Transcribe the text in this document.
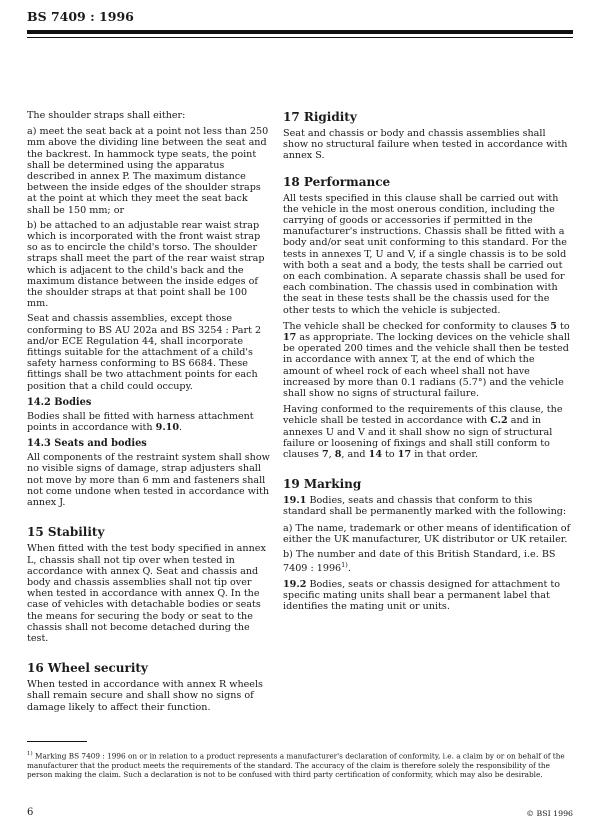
BS 7409 : 1996

The shoulder straps shall either:

a) meet the seat back at a point not less than 250 mm above the dividing line between the seat and the backrest. In hammock type seats, the point shall be determined using the apparatus described in annex P. The maximum distance between the inside edges of the shoulder straps at the point at which they meet the seat back shall be 150 mm; or

b) be attached to an adjustable rear waist strap which is incorporated with the front waist strap so as to encircle the child's torso. The shoulder straps shall meet the part of the rear waist strap which is adjacent to the child's back and the maximum distance between the inside edges of the shoulder straps at that point shall be 100 mm.

Seat and chassis assemblies, except those conforming to BS AU 202a and BS 3254 : Part 2 and/or ECE Regulation 44, shall incorporate fittings suitable for the attachment of a child's safety harness conforming to BS 6684. These fittings shall be two attachment points for each position that a child could occupy.

14.2 Bodies

Bodies shall be fitted with harness attachment points in accordance with 9.10.

14.3 Seats and bodies

All components of the restraint system shall show no visible signs of damage, strap adjusters shall not move by more than 6 mm and fasteners shall not come undone when tested in accordance with annex J.

15 Stability

When fitted with the test body specified in annex L, chassis shall not tip over when tested in accordance with annex Q. Seat and chassis and body and chassis assemblies shall not tip over when tested in accordance with annex Q. In the case of vehicles with detachable bodies or seats the means for securing the body or seat to the chassis shall not become detached during the test.

16 Wheel security

When tested in accordance with annex R wheels shall remain secure and shall show no signs of damage likely to affect their function.

17 Rigidity

Seat and chassis or body and chassis assemblies shall show no structural failure when tested in accordance with annex S.

18 Performance

All tests specified in this clause shall be carried out with the vehicle in the most onerous condition, including the carrying of goods or accessories if permitted in the manufacturer's instructions. Chassis shall be fitted with a body and/or seat unit conforming to this standard. For the tests in annexes T, U and V, if a single chassis is to be sold with both a seat and a body, the tests shall be carried out on each combination. A separate chassis shall be used for each combination. The chassis used in combination with the seat in these tests shall be the chassis used for the other tests to which the vehicle is subjected.

The vehicle shall be checked for conformity to clauses 5 to 17 as appropriate. The locking devices on the vehicle shall be operated 200 times and the vehicle shall then be tested in accordance with annex T, at the end of which the amount of wheel rock of each wheel shall not have increased by more than 0.1 radians (5.7°) and the vehicle shall show no signs of structural failure.

Having conformed to the requirements of this clause, the vehicle shall be tested in accordance with C.2 and in annexes U and V and it shall show no sign of structural failure or loosening of fixings and shall still conform to clauses 7, 8, and 14 to 17 in that order.

19 Marking

19.1 Bodies, seats and chassis that conform to this standard shall be permanently marked with the following:

a) The name, trademark or other means of identification of either the UK manufacturer, UK distributor or UK retailer.

b) The number and date of this British Standard, i.e. BS 7409 : 1996$^{1)}$.

19.2 Bodies, seats or chassis designed for attachment to specific mating units shall bear a permanent label that identifies the mating unit or units.

$^{1)}$ Marking BS 7409 : 1996 on or in relation to a product represents a manufacturer's declaration of conformity, i.e. a claim by or on behalf of the manufacturer that the product meets the requirements of the standard. The accuracy of the claim is therefore solely the responsibility of the person making the claim. Such a declaration is not to be confused with third party certification of conformity, which may also be desirable.
6	© BSI 1996
